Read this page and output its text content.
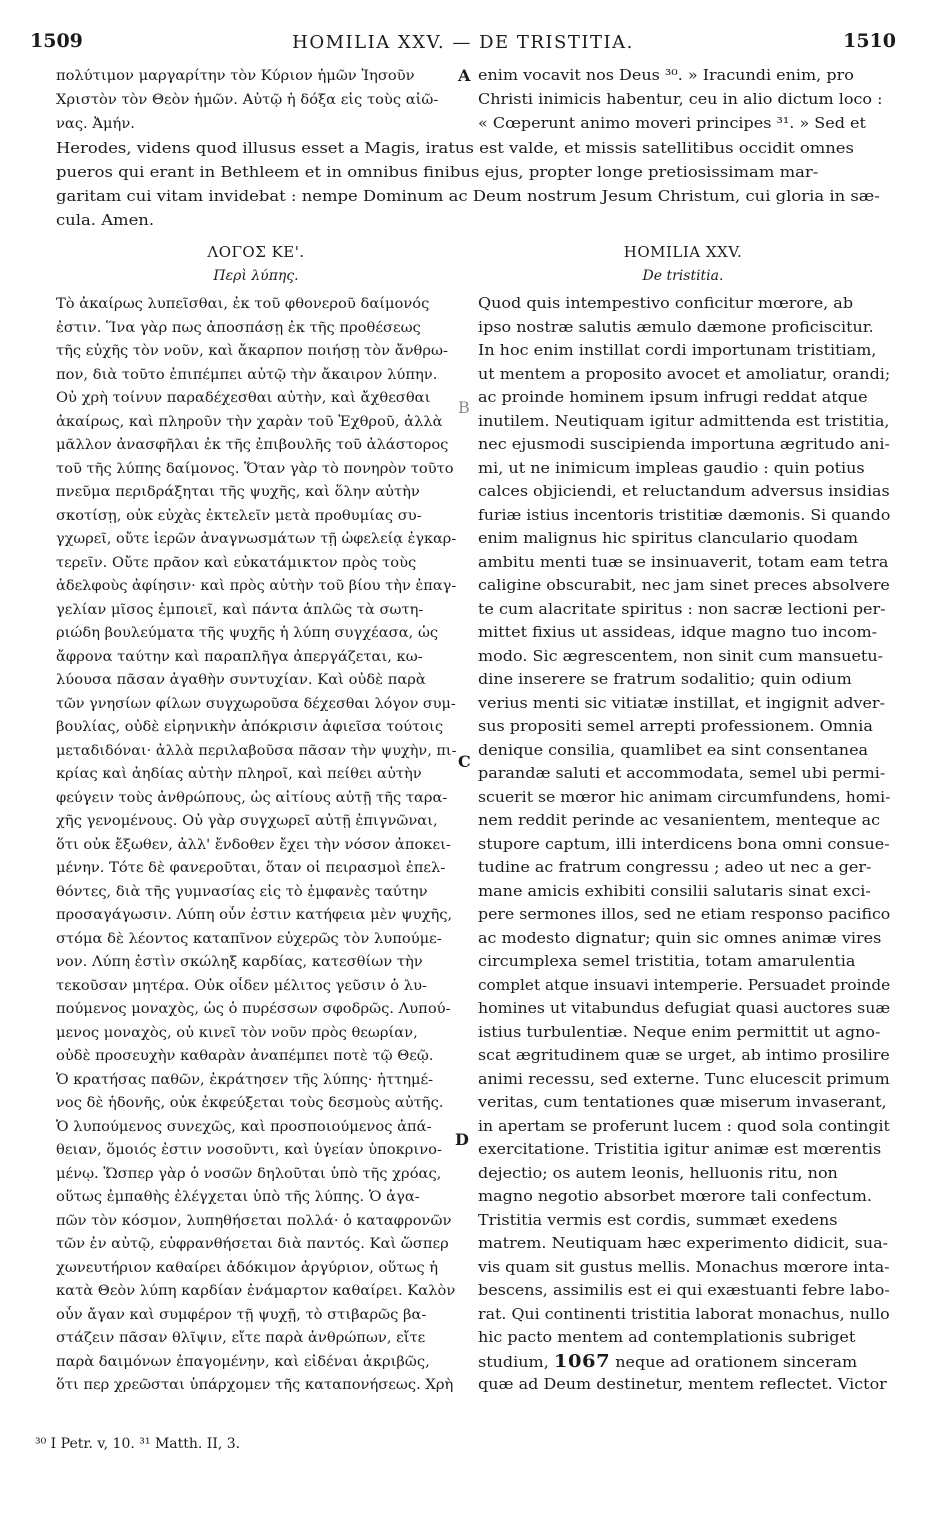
1509	HOMILIA XXV. — DE TRISTITIA.	1510
πολύτιμον μαργαρίτην τὸν Κύριον ἡμῶν Ἰησοῦν
Χριστὸν τὸν Θεὸν ἡμῶν. Αὐτῷ ἡ δόξα εἰς τοὺς αἰῶ-
νας. Ἀμήν.
enim vocavit nos Deus ³⁰. » Iracundi enim, pro
Christi inimicis habentur, ceu in alio dictum loco :
« Cœperunt animo moveri principes ³¹. » Sed et
Herodes, videns quod illusus esset a Magis, iratus est valde, et missis satellitibus occidit omnes
pueros qui erant in Bethleem et in omnibus finibus ejus, propter longe pretiosissimam mar-
garitam cui vitam invidebat : nempe Dominum ac Deum nostrum Jesum Christum, cui gloria in sæ-
cula. Amen.
ΛΟΓΟΣ ΚΕ'.
Περὶ λύπης.
HOMILIA XXV.
De tristitia.
Τὸ ἀκαίρως λυπεῖσθαι, ἐκ τοῦ φθονεροῦ δαίμονός
ἐστιν. Ἵνα γὰρ πως ἀποσπάσῃ ἐκ τῆς προθέσεως
τῆς εὐχῆς τὸν νοῦν, καὶ ἄκαρπον ποιήσῃ τὸν ἄνθρω-
πον, διὰ τοῦτο ἐπιπέμπει αὐτῷ τὴν ἄκαιρον λύπην.
Οὐ χρὴ τοίνυν παραδέχεσθαι αὐτὴν, καὶ ἄχθεσθαι
ἀκαίρως, καὶ πληροῦν τὴν χαρὰν τοῦ Ἐχθροῦ, ἀλλὰ
μᾶλλον ἀνασφῆλαι ἐκ τῆς ἐπιβουλῆς τοῦ ἀλάστορος
τοῦ τῆς λύπης δαίμονος. Ὅταν γὰρ τὸ πονηρὸν τοῦτο
πνεῦμα περιδράξηται τῆς ψυχῆς, καὶ ὅλην αὐτὴν
σκοτίσῃ, οὐκ εὐχὰς ἐκτελεῖν μετὰ προθυμίας συ-
γχωρεῖ, οὔτε ἱερῶν ἀναγνωσμάτων τῇ ὠφελείᾳ ἐγκαρ-
τερεῖν. Οὔτε πρᾶον καὶ εὐκατάμικτον πρὸς τοὺς
ἀδελφοὺς ἀφίησιν· καὶ πρὸς αὐτὴν τοῦ βίου τὴν ἐπαγ-
γελίαν μῖσος ἐμποιεῖ, καὶ πάντα ἁπλῶς τὰ σωτη-
ριώδη βουλεύματα τῆς ψυχῆς ἡ λύπη συγχέασα, ὡς
ἄφρονα ταύτην καὶ παραπλῆγα ἀπεργάζεται, κω-
λύουσα πᾶσαν ἀγαθὴν συντυχίαν. Καὶ οὐδὲ παρὰ
τῶν γνησίων φίλων συγχωροῦσα δέχεσθαι λόγον συμ-
βουλίας, οὐδὲ εἰρηνικὴν ἀπόκρισιν ἀφιεῖσα τούτοις
μεταδιδόναι· ἀλλὰ περιλαβοῦσα πᾶσαν τὴν ψυχὴν, πι-
κρίας καὶ ἀηδίας αὐτὴν πληροῖ, καὶ πείθει αὐτὴν
φεύγειν τοὺς ἀνθρώπους, ὡς αἰτίους αὐτῇ τῆς ταρα-
χῆς γενομένους. Οὐ γὰρ συγχωρεῖ αὐτῇ ἐπιγνῶναι,
ὅτι οὐκ ἔξωθεν, ἀλλ' ἔνδοθεν ἔχει τὴν νόσον ἀποκει-
μένην. Τότε δὲ φανεροῦται, ὅταν οἱ πειρασμοὶ ἐπελ-
θόντες, διὰ τῆς γυμνασίας εἰς τὸ ἐμφανὲς ταύτην
προσαγάγωσιν. Λύπη οὖν ἐστιν κατήφεια μὲν ψυχῆς,
στόμα δὲ λέοντος καταπῖνον εὐχερῶς τὸν λυπούμε-
νον. Λύπη ἐστὶν σκώληξ καρδίας, κατεσθίων τὴν
τεκοῦσαν μητέρα. Οὐκ οἶδεν μέλιτος γεῦσιν ὁ λυ-
πούμενος μοναχὸς, ὡς ὁ πυρέσσων σφοδρῶς. Λυπού-
μενος μοναχὸς, οὐ κινεῖ τὸν νοῦν πρὸς θεωρίαν,
οὐδὲ προσευχὴν καθαρὰν ἀναπέμπει ποτὲ τῷ Θεῷ.
Ὁ κρατήσας παθῶν, ἐκράτησεν τῆς λύπης· ἡττημέ-
νος δὲ ἡδονῆς, οὐκ ἐκφεύξεται τοὺς δεσμοὺς αὐτῆς.
Ὁ λυπούμενος συνεχῶς, καὶ προσποιούμενος ἀπά-
θειαν, ὅμοιός ἐστιν νοσοῦντι, καὶ ὑγείαν ὑποκρινο-
μένῳ. Ὥσπερ γὰρ ὁ νοσῶν δηλοῦται ὑπὸ τῆς χρόας,
οὕτως ἐμπαθὴς ἐλέγχεται ὑπὸ τῆς λύπης. Ὁ ἀγα-
πῶν τὸν κόσμον, λυπηθήσεται πολλά· ὁ καταφρονῶν
τῶν ἐν αὐτῷ, εὐφρανθήσεται διὰ παντός. Καὶ ὥσπερ
χωνευτήριον καθαίρει ἀδόκιμον ἀργύριον, οὕτως ἡ
κατὰ Θεὸν λύπη καρδίαν ἐνάμαρτον καθαίρει. Καλὸν
οὖν ἄγαν καὶ συμφέρον τῇ ψυχῇ, τὸ στιβαρῶς βα-
στάζειν πᾶσαν θλῖψιν, εἴτε παρὰ ἀνθρώπων, εἴτε
παρὰ δαιμόνων ἐπαγομένην, καὶ εἰδέναι ἀκριβῶς,
ὅτι περ χρεῶσται ὑπάρχομεν τῆς καταπονήσεως. Χρὴ
Quod quis intempestivo conficitur mœrore, ab
ipso nostræ salutis æmulo dæmone proficiscitur.
In hoc enim instillat cordi importunam tristitiam,
ut mentem a proposito avocet et amoliatur, orandi;
ac proinde hominem ipsum infrugi reddat atque
inutilem. Neutiquam igitur admittenda est tristitia,
nec ejusmodi suscipienda importuna ægritudo ani-
mi, ut ne inimicum impleas gaudio : quin potius
calces objiciendi, et reluctandum adversus insidias
furiæ istius incentoris tristitiæ dæmonis. Si quando
enim malignus hic spiritus clanculario quodam
ambitu menti tuæ se insinuaverit, totam eam tetra
caligine obscurabit, nec jam sinet preces absolvere
te cum alacritate spiritus : non sacræ lectioni per-
mittet fixius ut assideas, idque magno tuo incom-
modo. Sic ægrescentem, non sinit cum mansuetu-
dine inserere se fratrum sodalitio; quin odium
verius menti sic vitiatæ instillat, et ingignit adver-
sus propositi semel arrepti professionem. Omnia
denique consilia, quamlibet ea sint consentanea
parandæ saluti et accommodata, semel ubi permi-
scuerit se mœror hic animam circumfundens, homi-
nem reddit perinde ac vesanientem, menteque ac
stupore captum, illi interdicens bona omni consue-
tudine ac fratrum congressu ; adeo ut nec a ger-
mane amicis exhibiti consilii salutaris sinat exci-
pere sermones illos, sed ne etiam responso pacifico
ac modesto dignatur; quin sic omnes animæ vires
circumplexa semel tristitia, totam amarulentia
complet atque insuavi intemperie. Persuadet proinde
homines ut vitabundus defugiat quasi auctores suæ
istius turbulentiæ. Neque enim permittit ut agno-
scat ægritudinem quæ se urget, ab intimo prosilire
animi recessu, sed externe. Tunc elucescit primum
veritas, cum tentationes quæ miserum invaserant,
in apertam se proferunt lucem : quod sola contingit
exercitatione. Tristitia igitur animæ est mœrentis
dejectio; os autem leonis, helluonis ritu, non
magno negotio absorbet mœrore tali confectum.
Tristitia vermis est cordis, summæt exedens
matrem. Neutiquam hæc experimento didicit, sua-
vis quam sit gustus mellis. Monachus mœrore inta-
bescens, assimilis est ei qui exæstuanti febre labo-
rat. Qui continenti tristitia laborat monachus, nullo
hic pacto mentem ad contemplationis subriget
studium, 1067 neque ad orationem sinceram
quæ ad Deum destinetur, mentem reflectet. Victor
A
B
C
D
³⁰ I Petr. v, 10. ³¹ Matth. II, 3.
